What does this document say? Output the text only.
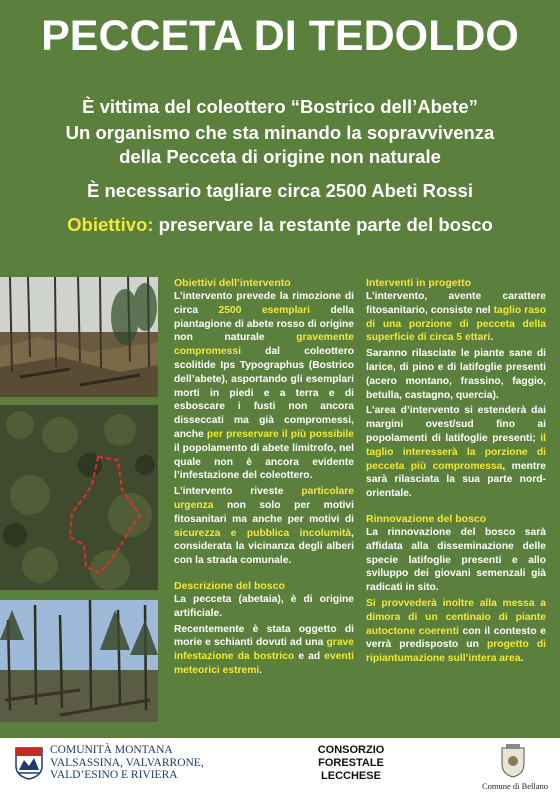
PECCETA DI TEDOLDO
È vittima del coleottero “Bostrico dell’Abete”
Un organismo che sta minando la sopravvivenza
della Pecceta di origine non naturale
È necessario tagliare circa 2500 Abeti Rossi
Obiettivo: preservare la restante parte del bosco
Obiettivi dell’intervento

L’intervento prevede la rimozione di circa 2500 esemplari della piantagione di abete rosso di origine non naturale gravemente compromessi dal coleottero scolitide Ips Typographus (Bostrico dell’abete), asportando gli esemplari morti in piedi e a terra e di esboscare i fusti non ancora disseccati ma già compromessi, anche per preservare il più possibile il popolamento di abete limitrofo, nel quale non è ancora evidente l’infestazione del coleottero.

L’intervento riveste particolare urgenza non solo per motivi fitosanitari ma anche per motivi di sicurezza e pubblica incolumità, considerata la vicinanza degli alberi con la strada comunale.

Descrizione del bosco

La pecceta (abetaia), è di origine artificiale.

Recentemente è stata oggetto di morie e schianti dovuti ad una grave infestazione da bostrico e ad eventi meteorici estremi.

Interventi in progetto

L’intervento, avente carattere fitosanitario, consiste nel taglio raso di una porzione di pecceta della superficie di circa 5 ettari.

Saranno rilasciate le piante sane di larice, di pino e di latifoglie presenti (acero montano, frassino, faggio, betulla, castagno, quercia).

L’area d’intervento si estenderà dai margini ovest/sud fino ai popolamenti di latifoglie presenti; il taglio interesserà la porzione di pecceta più compromessa, mentre sarà rilasciata la sua parte nord-orientale.

Rinnovazione del bosco

La rinnovazione del bosco sarà affidata alla disseminazione delle specie latifoglie presenti e allo sviluppo dei giovani semenzali già radicati in sito.

Si provvederà inoltre alla messa a dimora di un centinaio di piante autoctone coerenti con il contesto e verrà predisposto un progetto di ripiantumazione sull’intera area.

COMUNITÀ MONTANA
VALSASSINA, VALVARRONE,
VALD’ESINO E RIVIERA
CONSORZIO
FORESTALE
LECCHESE
Comune di Bellano
